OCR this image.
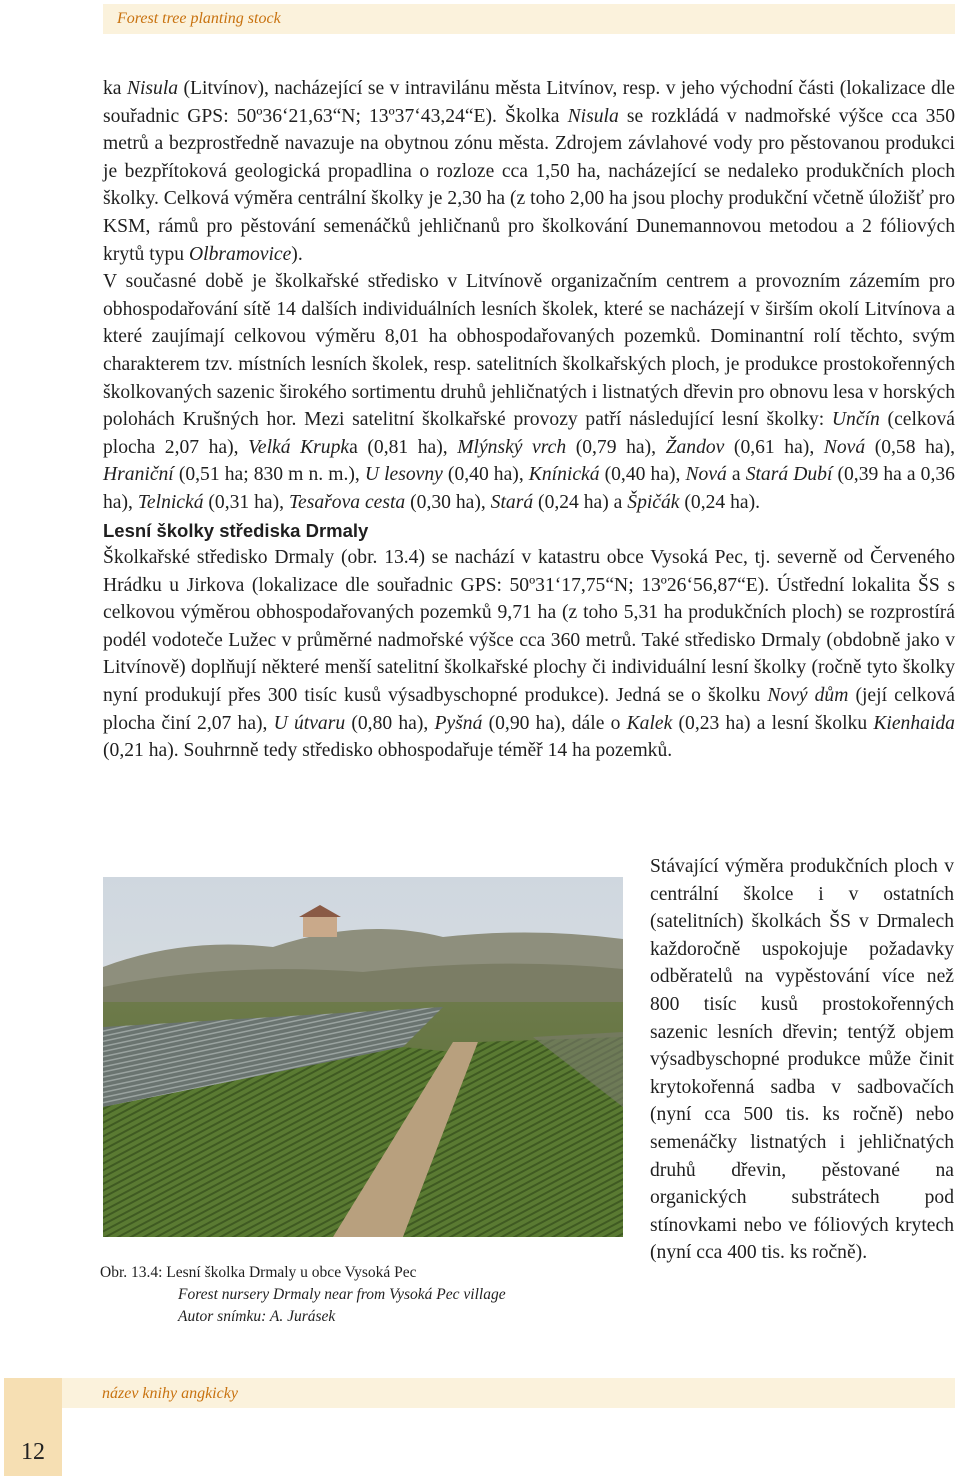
Forest tree planting stock

ka Nisula (Litvínov), nacházející se v intravilánu města Litvínov, resp. v jeho východní části (lokalizace dle souřadnic GPS: 50º36‘21,63“N; 13º37‘43,24“E). Školka Nisula se rozkládá v nadmořské výšce cca 350 metrů a bezprostředně navazuje na obytnou zónu města. Zdrojem závlahové vody pro pěstovanou produkci je bezpřítoková geologická propadlina o rozloze cca 1,50 ha, nacházející se nedaleko produkčních ploch školky. Celková výměra centrální školky je 2,30 ha (z toho 2,00 ha jsou plochy produkční včetně úložišť pro KSM, rámů pro pěstování semenáčků jehličnanů pro školkování Dunemannovou metodou a 2 fóliových krytů typu Olbramovice).

V současné době je školkařské středisko v Litvínově organizačním centrem a provozním zázemím pro obhospodařování sítě 14 dalších individuálních lesních školek, které se nacházejí v širším okolí Litvínova a které zaujímají celkovou výměru 8,01 ha obhospodařovaných pozemků. Dominantní rolí těchto, svým charakterem tzv. místních lesních školek, resp. satelitních školkařských ploch, je produkce prostokořenných školkovaných sazenic širokého sortimentu druhů jehličnatých i listnatých dřevin pro obnovu lesa v horských polohách Krušných hor. Mezi satelitní školkařské provozy patří následující lesní školky: Unčín (celková plocha 2,07 ha), Velká Krupka (0,81 ha), Mlýnský vrch (0,79 ha), Žandov (0,61 ha), Nová (0,58 ha), Hraniční (0,51 ha; 830 m n. m.), U lesovny (0,40 ha), Knínická (0,40 ha), Nová a Stará Dubí (0,39 ha a 0,36 ha), Telnická (0,31 ha), Tesařova cesta (0,30 ha), Stará (0,24 ha) a Špičák (0,24 ha).

Lesní školky střediska Drmaly

Školkařské středisko Drmaly (obr. 13.4) se nachází v katastru obce Vysoká Pec, tj. severně od Červeného Hrádku u Jirkova (lokalizace dle souřadnic GPS: 50º31‘17,75“N; 13º26‘56,87“E). Ústřední lokalita ŠS s celkovou výměrou obhospodařovaných pozemků 9,71 ha (z toho 5,31 ha produkčních ploch) se rozprostírá podél vodoteče Lužec v průměrné nadmořské výšce cca 360 metrů. Také středisko Drmaly (obdobně jako v Litvínově) doplňují některé menší satelitní školkařské plochy či individuální lesní školky (ročně tyto školky nyní produkují přes 300 tisíc kusů výsadbyschopné produkce). Jedná se o školku Nový dům (její celková plocha činí 2,07 ha), U útvaru (0,80 ha), Pyšná (0,90 ha), dále o Kalek (0,23 ha) a lesní školku Kienhaida (0,21 ha). Souhrnně tedy středisko obhospodařuje téměř 14 ha pozemků.

Obr. 13.4: Lesní školka Drmaly u obce Vysoká Pec
Forest nursery Drmaly near from Vysoká Pec village
Autor snímku: A. Jurásek
Stávající výměra produkčních ploch v centrální školce i v ostatních (satelitních) školkách ŠS v Drmalech každoročně uspokojuje požadavky odběratelů na vypěstování více než 800 tisíc kusů prostokořenných sazenic lesních dřevin; tentýž objem výsadbyschopné produkce může činit krytokořenná sadba v sadbovačích (nyní cca 500 tis. ks ročně) nebo semenáčky listnatých i jehličnatých druhů dřevin, pěstované na organických substrátech pod stínovkami nebo ve fóliových krytech (nyní cca 400 tis. ks ročně).
název knihy angkicky
12
